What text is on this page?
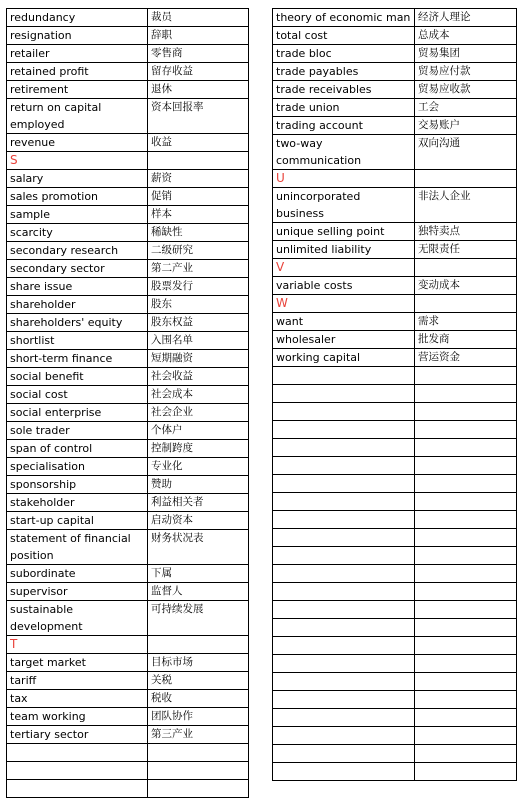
redundancy	裁员
resignation	辞职
retailer	零售商
retained profit	留存收益
retirement	退休

return on capital
employed	资本回报率
revenue	收益
S	
salary	薪资
sales promotion	促销
sample	样本
scarcity	稀缺性
secondary research	二级研究
secondary sector	第二产业
share issue	股票发行
shareholder	股东
shareholders' equity	股东权益
shortlist	入围名单
short-term finance	短期融资
social benefit	社会收益
social cost	社会成本
social enterprise	社会企业
sole trader	个体户
span of control	控制跨度
specialisation	专业化
sponsorship	赞助
stakeholder	利益相关者
start-up capital	启动资本

statement of financial
position	财务状况表
subordinate	下属
supervisor	监督人

sustainable
development	可持续发展
T	
target market	目标市场
tariff	关税
tax	税收
team working	团队协作
tertiary sector	第三产业

theory of economic man	经济人理论
total cost	总成本
trade bloc	贸易集团
trade payables	贸易应付款
trade receivables	贸易应收款
trade union	工会
trading account	交易账户
two-way communication	双向沟通
U	

unincorporated
business	非法人企业
unique selling point	独特卖点
unlimited liability	无限责任
V	
variable costs	变动成本
W	
want	需求
wholesaler	批发商
working capital	营运资金
